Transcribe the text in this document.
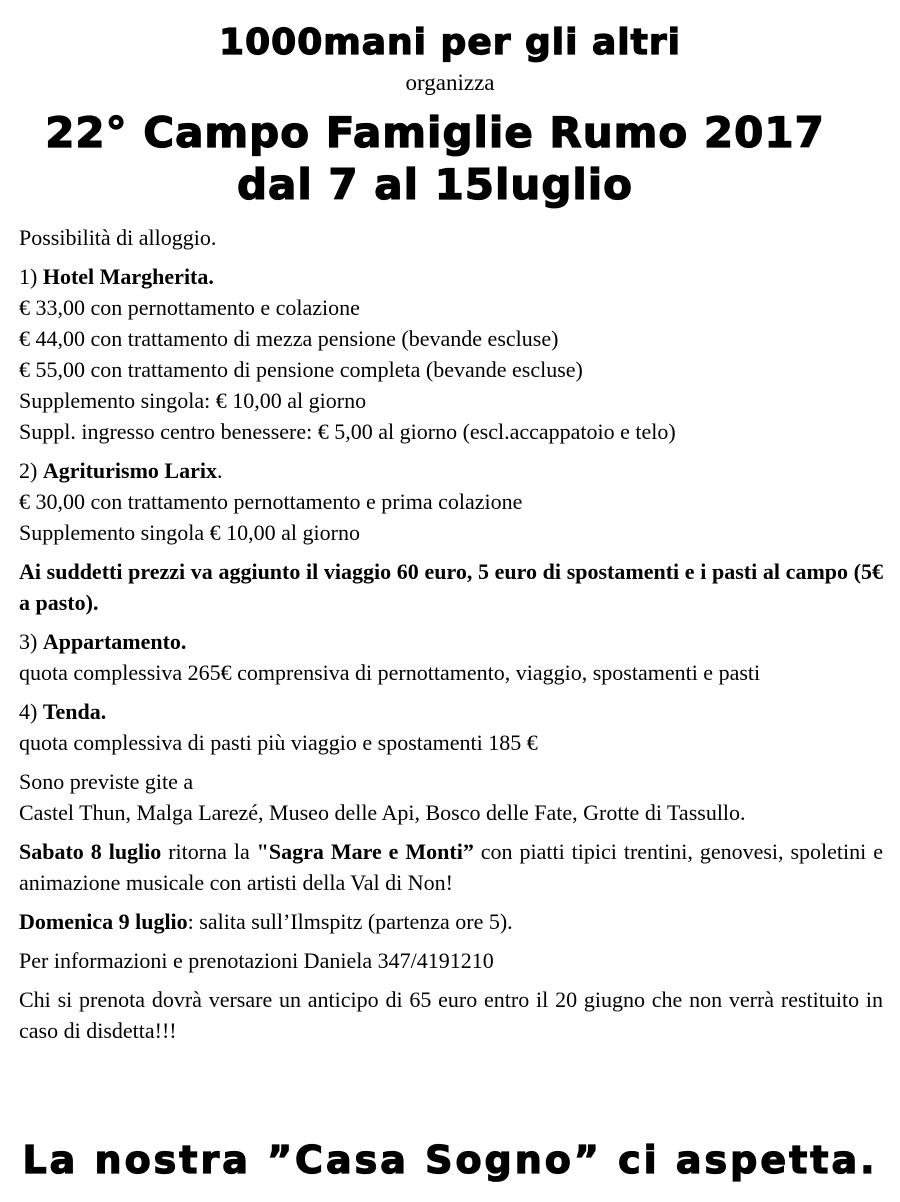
1000mani per gli altri
organizza
22° Campo Famiglie Rumo 2017
dal 7 al 15luglio

Possibilità di alloggio.

1) Hotel Margherita.

€ 33,00 con pernottamento e colazione

€ 44,00 con trattamento di mezza pensione (bevande escluse)

€ 55,00 con trattamento di pensione completa (bevande escluse)

Supplemento singola: € 10,00 al giorno

Suppl. ingresso centro benessere: € 5,00 al giorno (escl.accappatoio e telo)

2) Agriturismo Larix.

€ 30,00 con trattamento pernottamento e prima colazione

Supplemento singola € 10,00 al giorno

Ai suddetti prezzi va aggiunto il viaggio 60 euro, 5 euro di spostamenti e i pasti al campo (5€ a pasto).

3) Appartamento.

quota complessiva 265€ comprensiva di pernottamento, viaggio, spostamenti e pasti

4) Tenda.

quota complessiva di pasti più viaggio e spostamenti 185 €

Sono previste gite a

Castel Thun, Malga Larezé, Museo delle Api, Bosco delle Fate, Grotte di Tassullo.

Sabato 8 luglio ritorna la "Sagra Mare e Monti” con piatti tipici trentini, genovesi, spoletini e animazione musicale con artisti della Val di Non!

Domenica 9 luglio: salita sull’Ilmspitz (partenza ore 5).

Per informazioni e prenotazioni Daniela 347/4191210

Chi si prenota dovrà versare un anticipo di 65 euro entro il 20 giugno che non verrà restituito in caso di disdetta!!!

La nostra ”Casa Sogno” ci aspetta.
